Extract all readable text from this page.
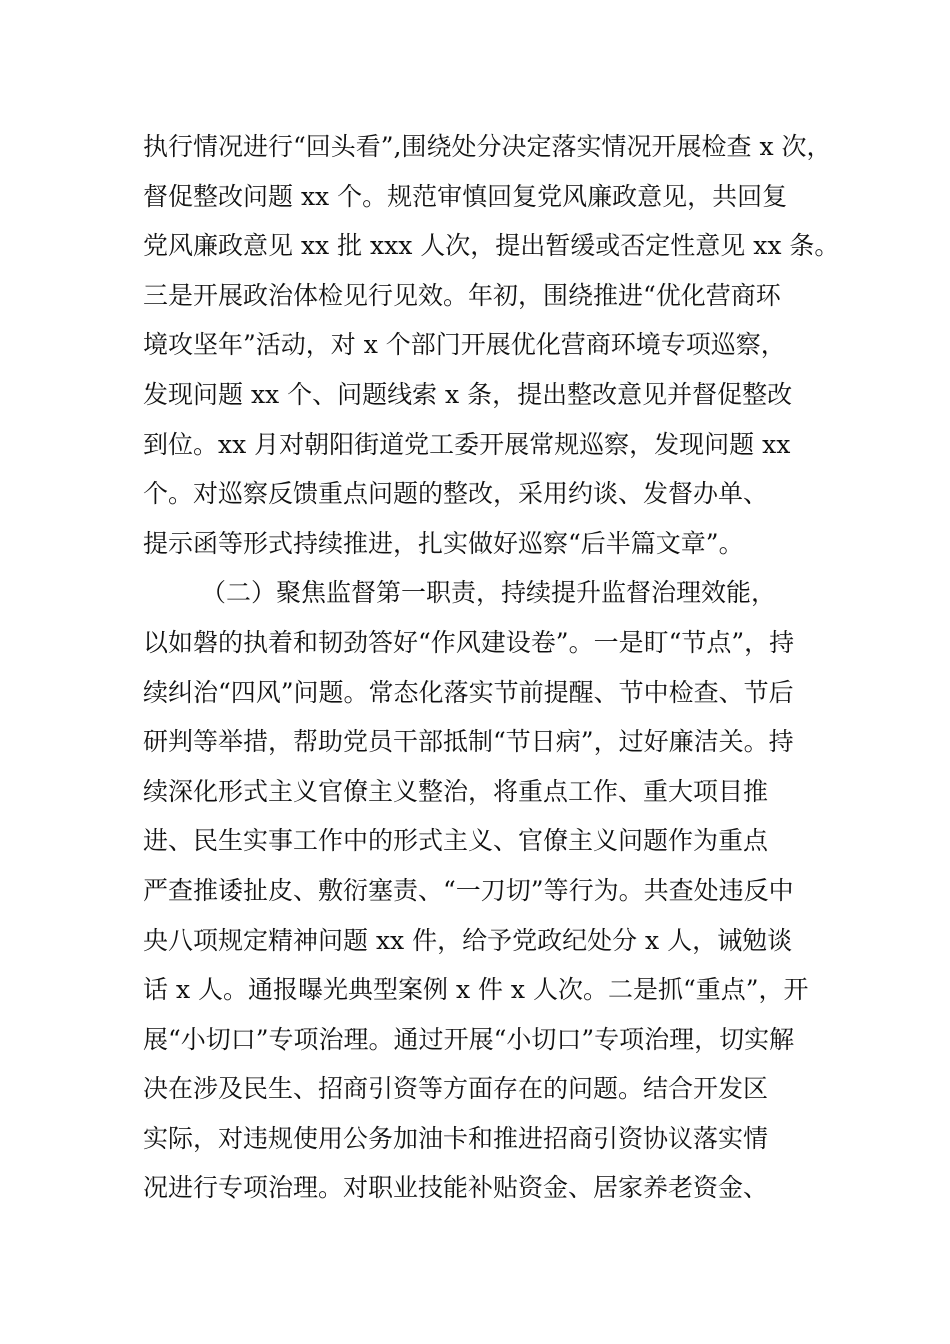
执行情况进行“回头看”,围绕处分决定落实情况开展检查 x 次，
督促整改问题 xx 个。规范审慎回复党风廉政意见，共回复
党风廉政意见 xx 批 xxx 人次，提出暂缓或否定性意见 xx 条。
三是开展政治体检见行见效。年初，围绕推进“优化营商环
境攻坚年”活动，对 x 个部门开展优化营商环境专项巡察，
发现问题 xx 个、问题线索 x 条，提出整改意见并督促整改
到位。xx 月对朝阳街道党工委开展常规巡察，发现问题 xx
个。对巡察反馈重点问题的整改，采用约谈、发督办单、
提示函等形式持续推进，扎实做好巡察“后半篇文章”。
（二）聚焦监督第一职责，持续提升监督治理效能，
以如磐的执着和韧劲答好“作风建设卷”。一是盯“节点”，持
续纠治“四风”问题。常态化落实节前提醒、节中检查、节后
研判等举措，帮助党员干部抵制“节日病”，过好廉洁关。持
续深化形式主义官僚主义整治，将重点工作、重大项目推
进、民生实事工作中的形式主义、官僚主义问题作为重点
严查推诿扯皮、敷衍塞责、“一刀切”等行为。共查处违反中
央八项规定精神问题 xx 件，给予党政纪处分 x 人，诫勉谈
话 x 人。通报曝光典型案例 x 件 x 人次。二是抓“重点”，开
展“小切口”专项治理。通过开展“小切口”专项治理，切实解
决在涉及民生、招商引资等方面存在的问题。结合开发区
实际，对违规使用公务加油卡和推进招商引资协议落实情
况进行专项治理。对职业技能补贴资金、居家养老资金、
